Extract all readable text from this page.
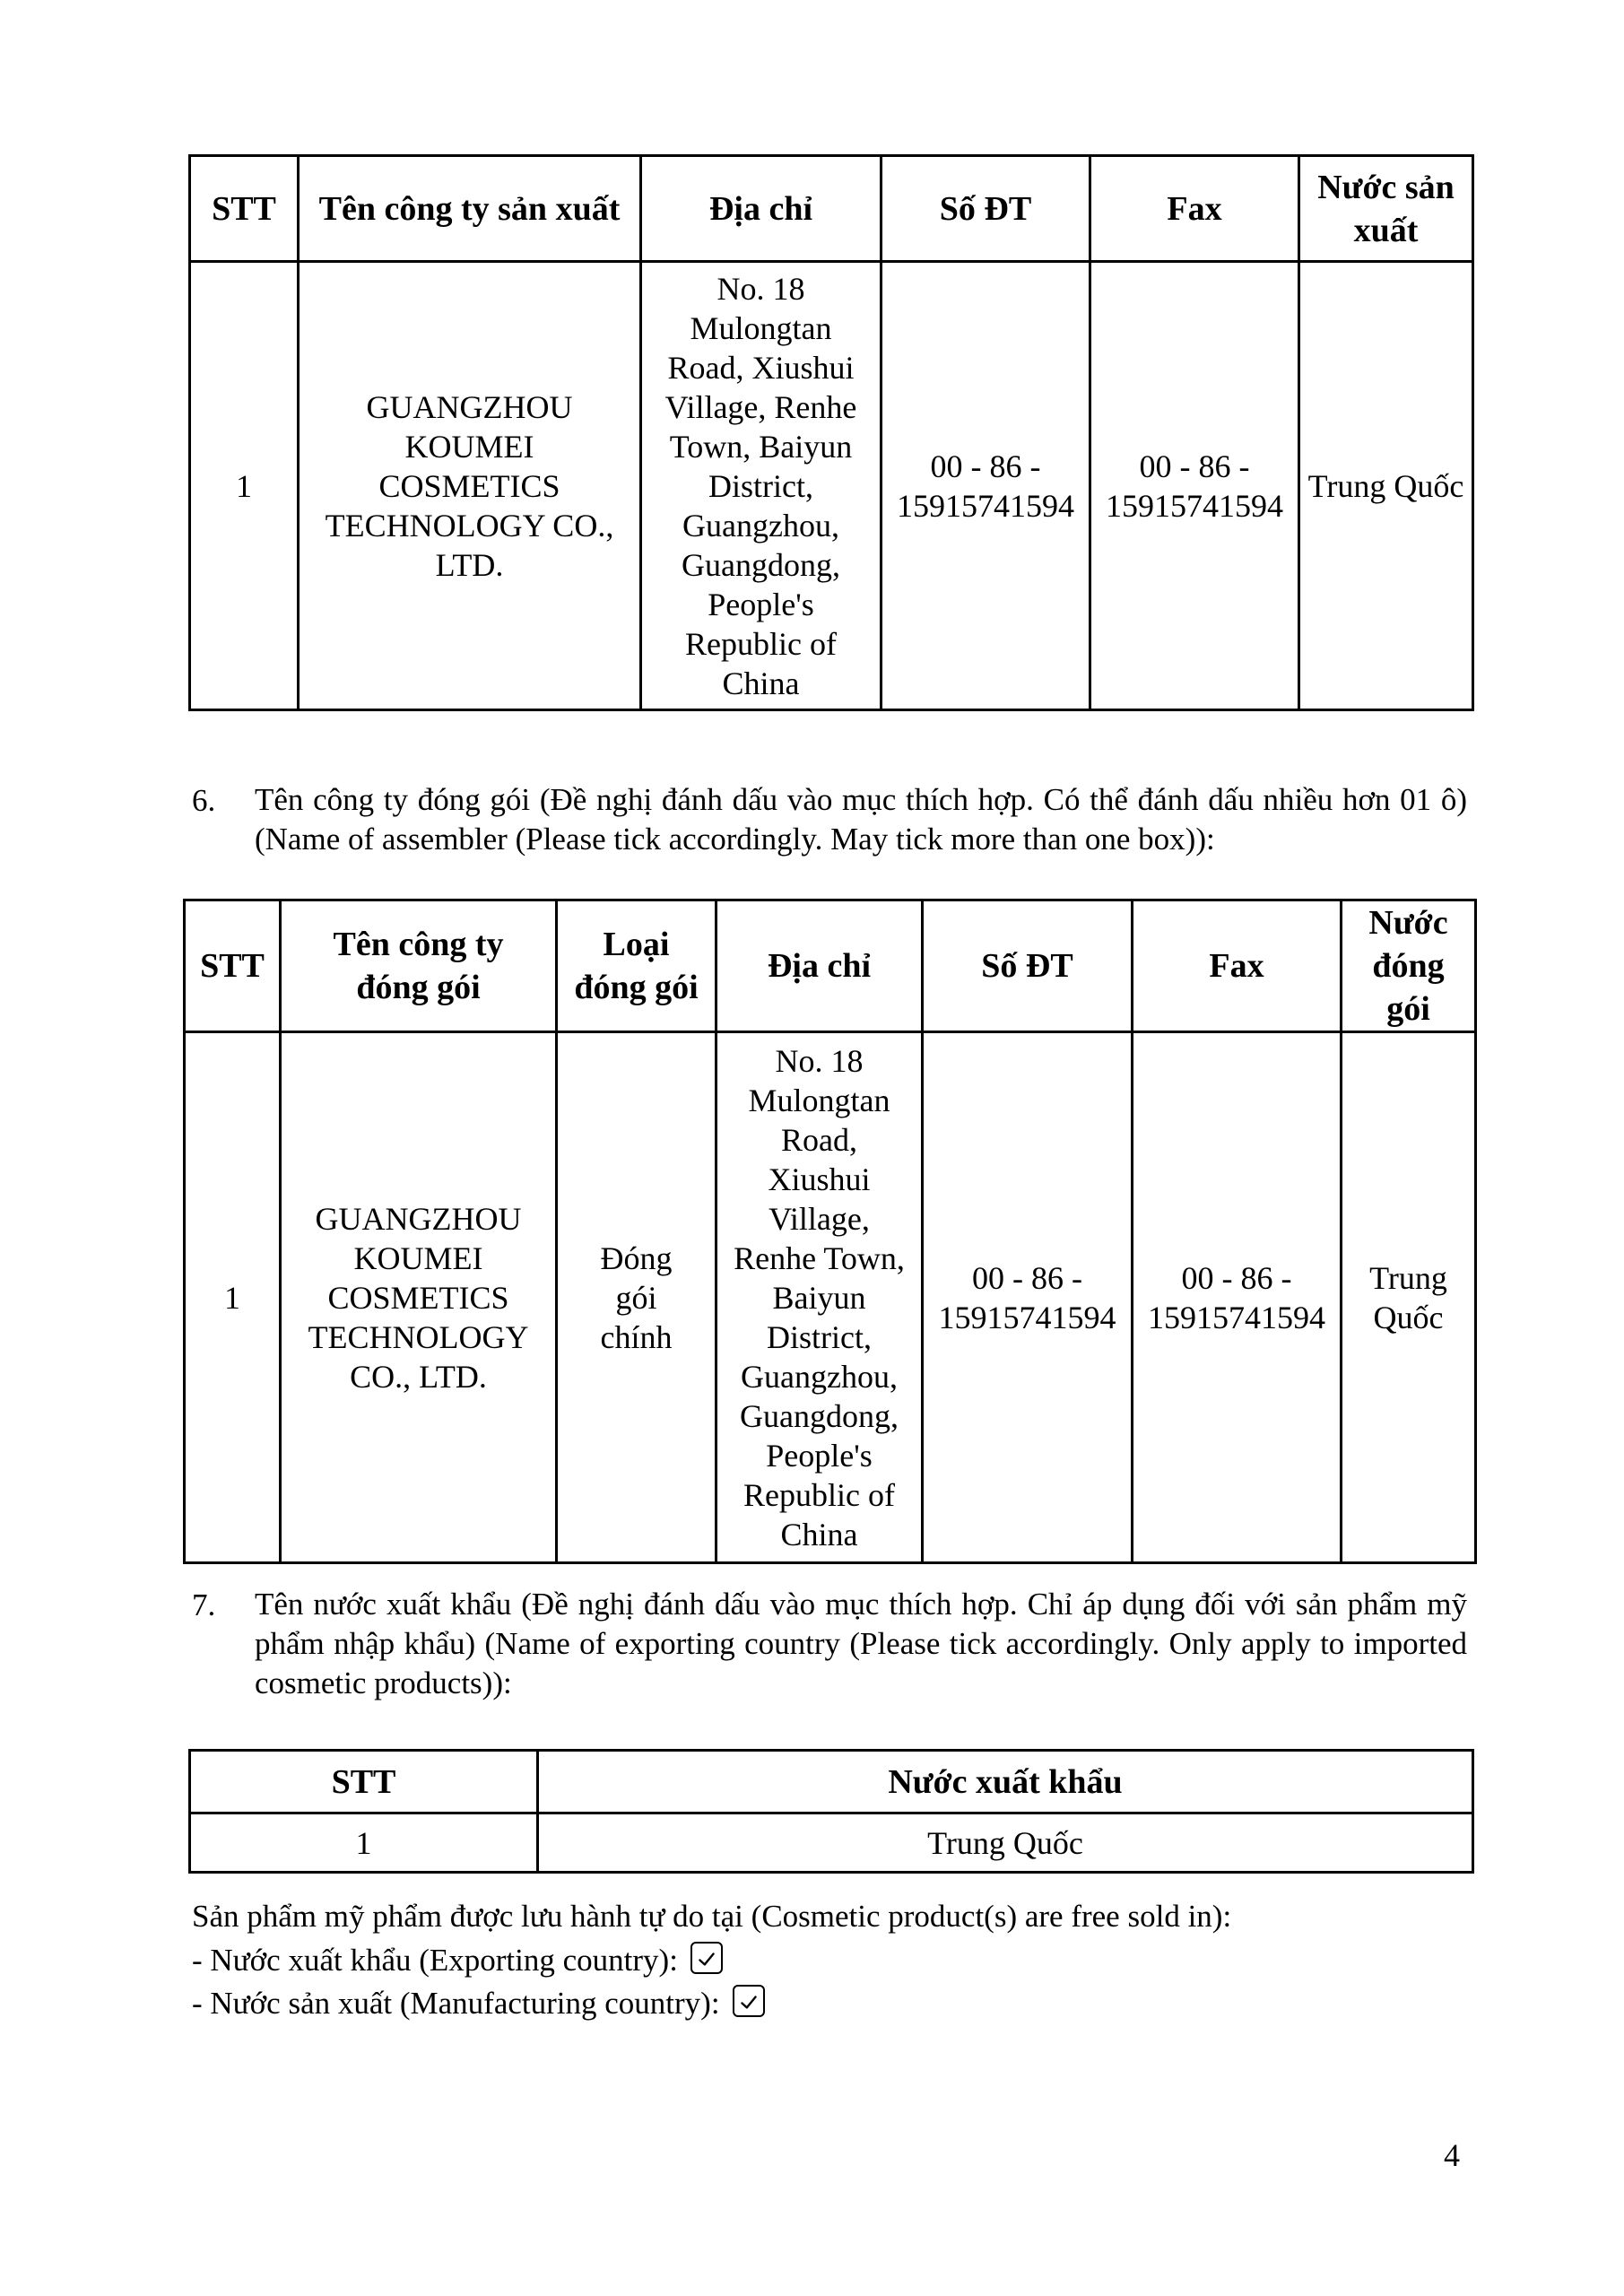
STT	Tên công ty sản xuất	Địa chỉ	Số ĐT	Fax	Nước sản xuất
1	GUANGZHOU KOUMEI COSMETICS TECHNOLOGY CO., LTD.	No. 18 Mulongtan Road, Xiushui Village, Renhe Town, Baiyun District, Guangzhou, Guangdong, People's Republic of China	00 - 86 - 15915741594	00 - 86 - 15915741594	Trung Quốc
6. Tên công ty đóng gói (Đề nghị đánh dấu vào mục thích hợp. Có thể đánh dấu nhiều hơn 01 ô) (Name of assembler (Please tick accordingly. May tick more than one box)):
STT	Tên công ty đóng gói	Loại đóng gói	Địa chỉ	Số ĐT	Fax	Nước đóng gói
1	GUANGZHOU KOUMEI COSMETICS TECHNOLOGY CO., LTD.	Đóng gói chính	No. 18 Mulongtan Road, Xiushui Village, Renhe Town, Baiyun District, Guangzhou, Guangdong, People's Republic of China	00 - 86 - 15915741594	00 - 86 - 15915741594	Trung Quốc
7. Tên nước xuất khẩu (Đề nghị đánh dấu vào mục thích hợp. Chỉ áp dụng đối với sản phẩm mỹ phẩm nhập khẩu) (Name of exporting country (Please tick accordingly. Only apply to imported cosmetic products)):
STT	Nước xuất khẩu
1	Trung Quốc
Sản phẩm mỹ phẩm được lưu hành tự do tại (Cosmetic product(s) are free sold in):
- Nước xuất khẩu (Exporting country):
- Nước sản xuất (Manufacturing country):
4
